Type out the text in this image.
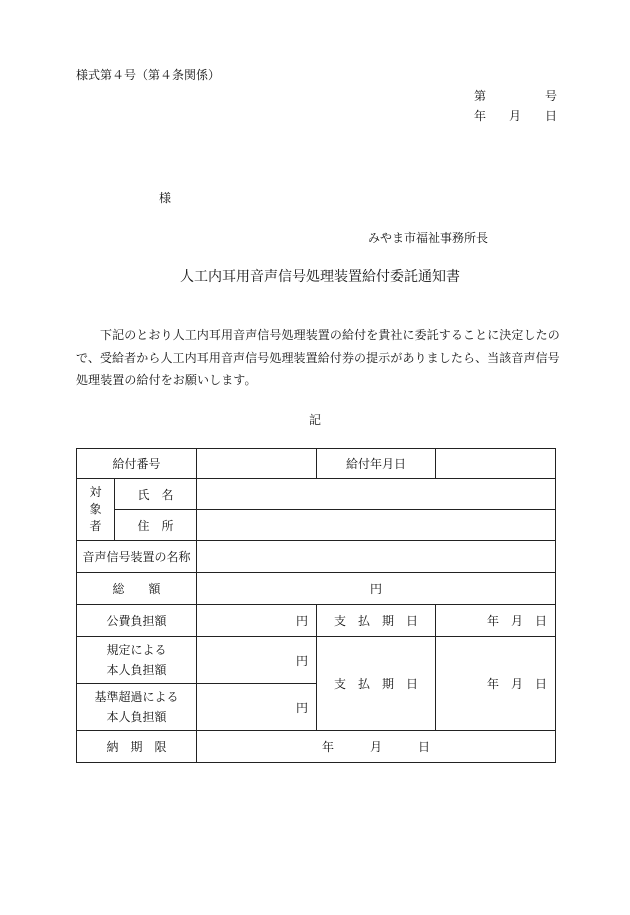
様式第４号（第４条関係）
第	号
年 月 日
様
みやま市福祉事務所長
人工内耳用音声信号処理装置給付委託通知書
下記のとおり人工内耳用音声信号処理装置の給付を貴社に委託することに決定したので、受給者から人工内耳用音声信号処理装置給付券の提示がありましたら、当該音声信号処理装置の給付をお願いします。
記
給付番号			給付年月日	

対
象
者	氏　名			
	住　所			
音声信号装置の名称				
総　　額		円		
公費負担額		円	支　払　期　日	年　月　日

規定による
本人負担額		円	支　払　期　日	年　月　日

基準超過による
本人負担額		円		
納　期　限		年　　　月　　　日		
